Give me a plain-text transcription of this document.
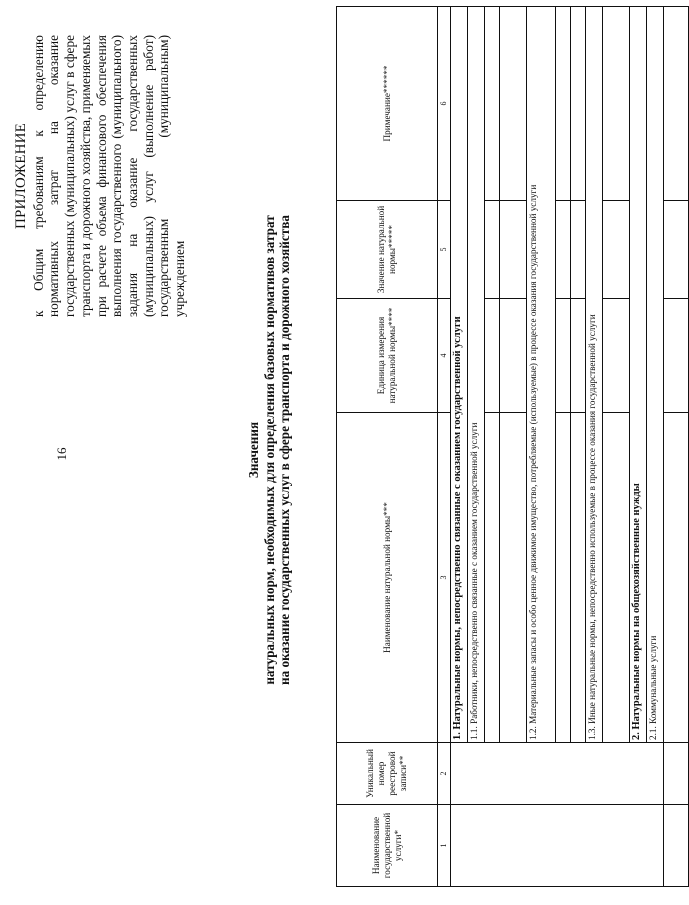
16
ПРИЛОЖЕНИЕ к Общим требованиям к определению нормативных затрат на оказание государственных (муниципальных) услуг в сфере транспорта и дорожного хозяйства, применяемых при расчете объема финансового обеспечения выполнения государственного (муниципального) задания на оказание государственных (муниципальных) услуг (выполнение работ) государственным (муниципальным) учреждением
Значения натуральных норм, необходимых для определения базовых нормативов затрат на оказание государственных услуг в сфере транспорта и дорожного хозяйства
Наименование государственной услуги*	Уникальный номер реестровой записи**	Наименование натуральной нормы***	Единица измерения натуральной нормы****	Значение натуральной нормы*****	Примечание******
1	2	3	4	5	6
		1. Натуральные нормы, непосредственно связанные с оказанием государственной услуги			
		1.1. Работники, непосредственно связанные с оказанием государственной услуги			

		1.2. Материальные запасы и особо ценное движимое имущество, потребляемые (используемые) в процессе оказания государственной услуги			

		1.3. Иные натуральные нормы, непосредственно используемые в процессе оказания государственной услуги			

		2. Натуральные нормы на общехозяйственные нужды			
		2.1. Коммунальные услуги			
